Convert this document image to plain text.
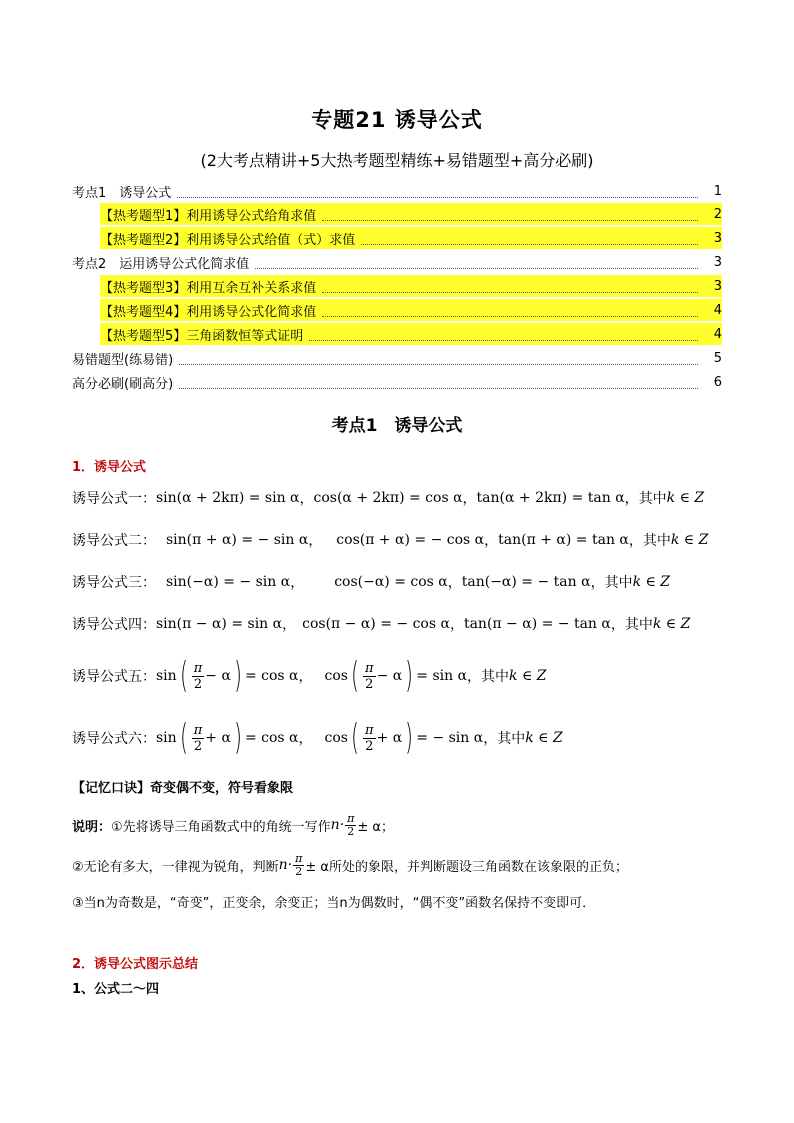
专题21 诱导公式
(2大考点精讲+5大热考题型精练+易错题型+高分必刷)
考点1　诱导公式	1
【热考题型1】利用诱导公式给角求值	2
【热考题型2】利用诱导公式给值（式）求值	3
考点2　运用诱导公式化简求值	3
【热考题型3】利用互余互补关系求值	3
【热考题型4】利用诱导公式化简求值	4
【热考题型5】三角函数恒等式证明	4
易错题型(练易错)	5
高分必刷(刷高分)	6
考点1　诱导公式
1．诱导公式
诱导公式一： sin(α + 2kπ) = sin α ， cos(α + 2kπ) = cos α ， tan(α + 2kπ) = tan α ， 其中 k ∈ Z
诱导公式二： sin(π + α) = − sin α ， cos(π + α) = − cos α ， tan(π + α) = tan α ， 其中 k ∈ Z
诱导公式三： sin(−α) = − sin α ， cos(−α) = cos α ， tan(−α) = − tan α ， 其中 k ∈ Z
诱导公式四： sin(π − α) = sin α ， cos(π − α) = − cos α ， tan(π − α) = − tan α ， 其中 k ∈ Z
诱导公式五： sin ( $\frac{\pi}{2} - \alpha$ ) = cos α ， cos ( $\frac{\pi}{2} - \alpha$ ) = sin α ， 其中 k ∈ Z
诱导公式六： sin ( $\frac{\pi}{2} + \alpha$ ) = cos α ， cos ( $\frac{\pi}{2} + \alpha$ ) = − sin α ， 其中 k ∈ Z
【记忆口诀】奇变偶不变，符号看象限
说明： ①先将诱导三角函数式中的角统一写作 $n\cdot \frac{\pi}{2} \pm \alpha$；
②无论有多大，一律视为锐角，判断 $n\cdot \frac{\pi}{2} \pm \alpha$所处的象限，并判断题设三角函数在该象限的正负；
③当n为奇数是，“奇变”，正变余，余变正；当n为偶数时，“偶不变”函数名保持不变即可．
2．诱导公式图示总结
1、公式二～四
